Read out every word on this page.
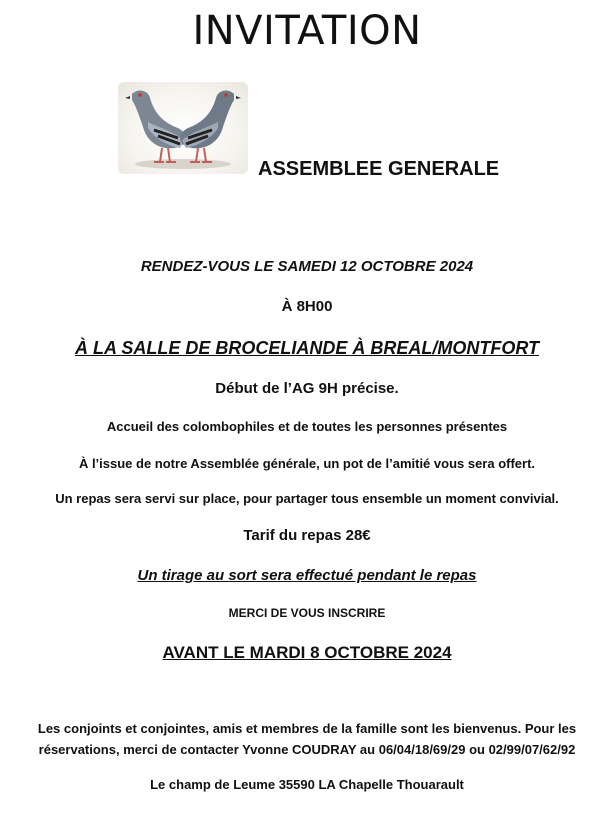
INVITATION
ASSEMBLEE GENERALE
RENDEZ-VOUS LE SAMEDI 12 OCTOBRE 2024
À 8H00
À LA SALLE DE BROCELIANDE À BREAL/MONTFORT
Début de l’AG 9H précise.
Accueil des colombophiles et de toutes les personnes présentes
À l’issue de notre Assemblée générale, un pot de l’amitié vous sera offert.
Un repas sera servi sur place, pour partager tous ensemble un moment convivial.
Tarif du repas 28€
Un tirage au sort sera effectué pendant le repas
MERCI DE VOUS INSCRIRE
AVANT LE MARDI 8 OCTOBRE 2024
Les conjoints et conjointes, amis et membres de la famille sont les bienvenus. Pour les
réservations, merci de contacter Yvonne COUDRAY au 06/04/18/69/29 ou 02/99/07/62/92
Le champ de Leume 35590 LA Chapelle Thouarault
